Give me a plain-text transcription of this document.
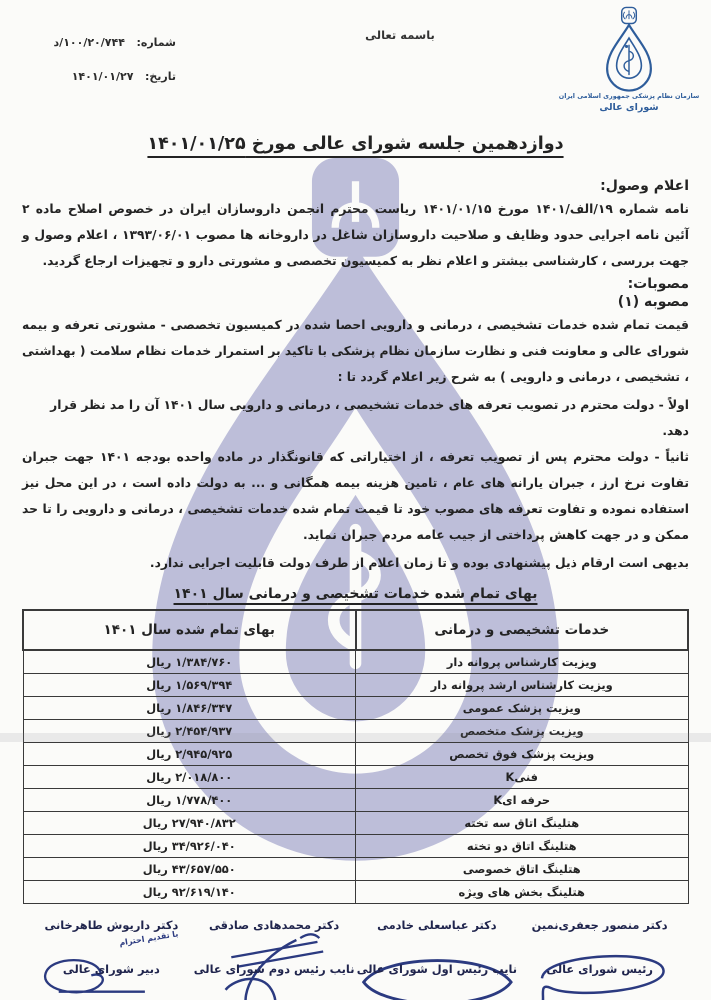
سازمان نظام پزشکی جمهوری اسلامی ایران
شورای عالی
باسمه تعالی
شماره:   ۱۰۰/۲۰/۷۴۴/د
تاریخ:   ۱۴۰۱/۰۱/۲۷
دوازدهمین جلسه شورای عالی مورخ ۱۴۰۱/۰۱/۲۵
اعلام وصول:

نامه شماره ۱۹/الف/۱۴۰۱ مورخ ۱۴۰۱/۰۱/۱۵ ریاست محترم انجمن داروسازان ایران در خصوص اصلاح ماده ۲ آئین نامه اجرایی حدود وظایف و صلاحیت داروسازان شاغل در داروخانه ها مصوب ۱۳۹۳/۰۶/۰۱ ، اعلام وصول و جهت بررسی ، کارشناسی بیشتر و اعلام نظر به کمیسیون تخصصی و مشورتی دارو و تجهیزات ارجاع گردید.

مصوبات:
مصوبه (۱)

قیمت تمام شده خدمات تشخیصی ، درمانی و دارویی احصا شده در کمیسیون تخصصی - مشورتی تعرفه و بیمه شورای عالی و معاونت فنی و نظارت سازمان نظام پزشکی با تاکید بر استمرار خدمات نظام سلامت ( بهداشتی ، تشخیصی ، درمانی و دارویی ) به شرح زیر اعلام گردد تا :

اولاً - دولت محترم در تصویب تعرفه های خدمات تشخیصی ، درمانی و دارویی سال ۱۴۰۱ آن را مد نظر قرار دهد.

ثانیاً - دولت محترم پس از تصویب تعرفه ، از اختیاراتی که قانونگذار در ماده واحده بودجه ۱۴۰۱ جهت جبران تفاوت نرخ ارز ، جبران یارانه های عام ، تامین هزینه بیمه همگانی و ... به دولت داده است ، در این محل نیز استفاده نموده و تفاوت تعرفه های مصوب خود تا قیمت تمام شده خدمات تشخیصی ، درمانی و دارویی را تا حد ممکن و در جهت کاهش پرداختی از جیب عامه مردم جبران نماید.

بدیهی است ارقام ذیل پیشنهادی بوده و تا زمان اعلام از طرف دولت قابلیت اجرایی ندارد.

بهای تمام شده خدمات تشخیصی و درمانی سال ۱۴۰۱
خدمات تشخیصی و درمانی	بهای تمام شده سال ۱۴۰۱
ویزیت کارشناس پروانه دار	۱/۳۸۴/۷۶۰ ریال
ویزیت کارشناس ارشد پروانه دار	۱/۵۶۹/۳۹۴ ریال
ویزیت پزشک عمومی	۱/۸۴۶/۳۴۷ ریال
ویزیت پزشک متخصص	۲/۴۵۴/۹۳۷ ریال
ویزیت پزشک فوق تخصص	۲/۹۴۵/۹۲۵ ریال
فنیK	۲/۰۱۸/۸۰۰ ریال
حرفه ایK	۱/۷۷۸/۴۰۰ ریال
هتلینگ اتاق سه تخته	۲۷/۹۴۰/۸۳۲ ریال
هتلینگ اتاق دو تخته	۳۴/۹۲۶/۰۴۰ ریال
هتلینگ اتاق خصوصی	۴۳/۶۵۷/۵۵۰ ریال
هتلینگ بخش های ویژه	۹۲/۶۱۹/۱۴۰ ریال
دکتر منصور جعفری‌نمین
رئیس شورای عالی
دکتر عباسعلی خادمی
نایب رئیس اول شورای عالی
دکتر محمدهادی صادقی
نایب رئیس دوم شورای عالی
دکتر داریوش طاهرخانی
با تقدیم احترام
دبیر شورای عالی
